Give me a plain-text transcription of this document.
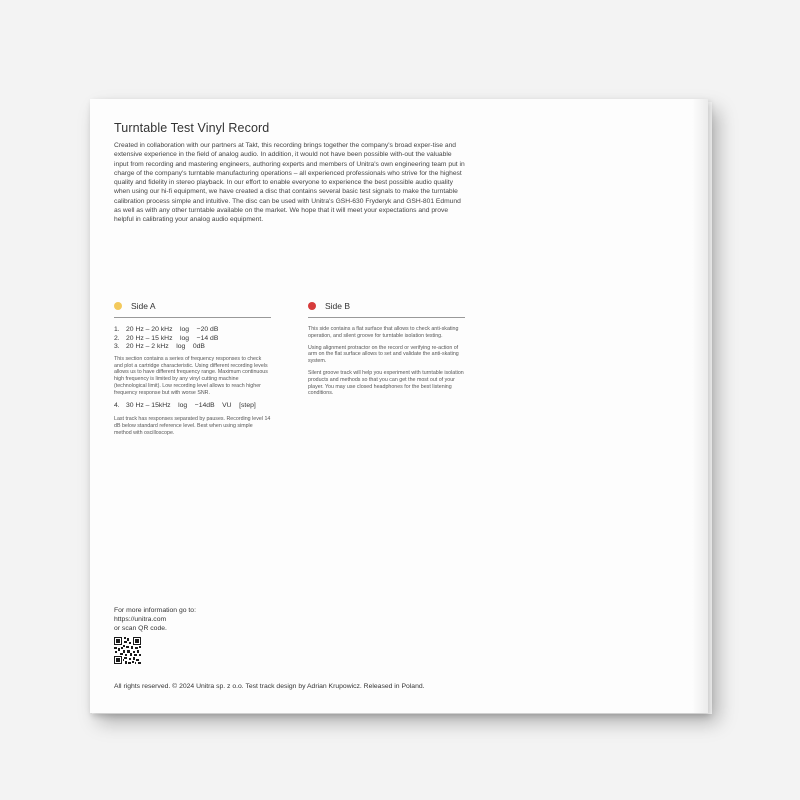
Turntable Test Vinyl Record

Created in collaboration with our partners at Takt, this recording brings together the company's broad exper-tise and extensive experience in the field of analog audio. In addition, it would not have been possible with-out the valuable input from recording and mastering engineers, authoring experts and members of Unitra's own engineering team put in charge of the company's turntable manufacturing operations – all experienced professionals who strive for the highest quality and fidelity in stereo playback. In our effort to enable everyone to experience the best possible audio quality when using our hi-fi equipment, we have created a disc that contains several basic test signals to make the turntable calibration process simple and intuitive. The disc can be used with Unitra's GSH-630 Fryderyk and GSH-801 Edmund as well as with any other turntable available on the market. We hope that it will meet your expectations and prove helpful in calibrating your analog audio equipment.

Side A
1. 20 Hz – 20 kHz    log    −20 dB
2. 20 Hz – 15 kHz    log    −14 dB
3. 20 Hz – 2 kHz    log    0dB

This section contains a series of frequency responses to check and plot a cartridge characteristic. Using different recording levels allows us to have different frequency range. Maximum continuous high frequency is limited by any vinyl cutting machine (technological limit). Low recording level allows to reach higher frequency response but with worse SNR.

4. 30 Hz – 15kHz    log    −14dB    VU    [step]

Last track has responses separated by pauses. Recording level 14 dB below standard reference level. Best when using simple method with oscilloscope.

Side B

This side contains a flat surface that allows to check anti-skating operation, and silent groove for turntable isolation testing.

Using alignment protractor on the record or verifying re-action of arm on the flat surface allows to set and validate the anti-skating system.

Silent groove track will help you experiment with turntable isolation products and methods so that you can get the most out of your player. You may use closed headphones for the best listening conditions.

For more information go to:
https://unitra.com
or scan QR code.
All rights reserved. © 2024 Unitra sp. z o.o. Test track design by Adrian Krupowicz. Released in Poland.
